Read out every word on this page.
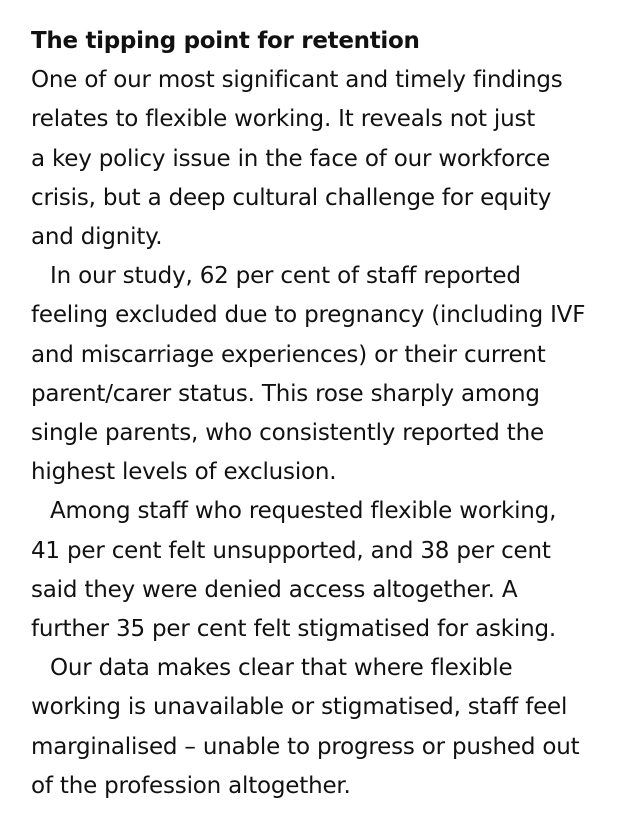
The tipping point for retention

One of our most significant and timely findings
relates to flexible working. It reveals not just
a key policy issue in the face of our workforce
crisis, but a deep cultural challenge for equity
and dignity.

In our study, 62 per cent of staff reported
feeling excluded due to pregnancy (including IVF
and miscarriage experiences) or their current
parent/carer status. This rose sharply among
single parents, who consistently reported the
highest levels of exclusion.

Among staff who requested flexible working,
41 per cent felt unsupported, and 38 per cent
said they were denied access altogether. A
further 35 per cent felt stigmatised for asking.

Our data makes clear that where flexible
working is unavailable or stigmatised, staff feel
marginalised – unable to progress or pushed out
of the profession altogether.
